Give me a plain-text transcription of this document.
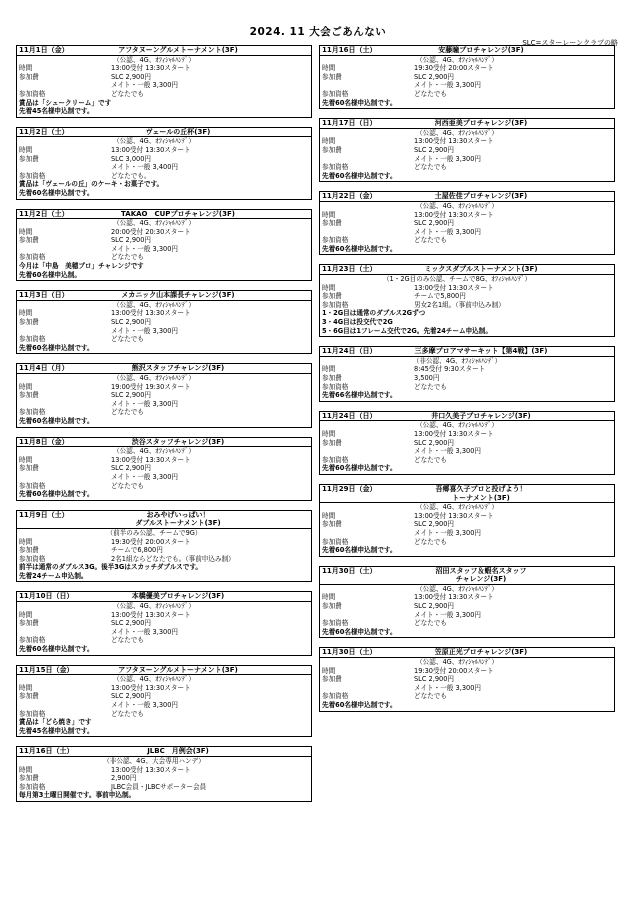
2024. 11 大会ごあんない
SLC=スターレーンクラブの略
11月1日（金）	アフタヌーングルメトーナメント(3F)
（公認、4G、ｵﾌｨｼｬﾙﾊﾝﾃﾞ）
時間	13:00受付 13:30スタート
参加費	SLC 2,900円
メイト・一般 3,300円
参加資格	どなたでも
賞品は「シュークリーム」です
先着45名様申込制です。
11月2日（土）	ヴェールの丘杯(3F)
（公認、4G、ｵﾌｨｼｬﾙﾊﾝﾃﾞ）
時間	13:00受付 13:30スタート
参加費	SLC 3,000円
メイト・一般 3,400円
参加資格	どなたでも。
賞品は「ヴェールの丘」のケーキ・お菓子です。
先着60名様申込制です。
11月2日（土）	TAKAO　CUPプロチャレンジ(3F)
（公認、4G、ｵﾌｨｼｬﾙﾊﾝﾃﾞ）
時間	20:00受付 20:30スタート
参加費	SLC 2,900円
メイト・一般 3,300円
参加資格	どなたでも
今月は「中島　美穂プロ」チャレンジです
先着60名様申込制。
11月3日（日）	メカニック山本課長チャレンジ(3F)
（公認、4G、ｵﾌｨｼｬﾙﾊﾝﾃﾞ）
時間	13:00受付 13:30スタート
参加費	SLC 2,900円
メイト・一般 3,300円
参加資格	どなたでも
先着60名様申込制です。
11月4日（月）	熊沢スタッフチャレンジ(3F)
（公認、4G、ｵﾌｨｼｬﾙﾊﾝﾃﾞ）
時間	19:00受付 19:30スタート
参加費	SLC 2,900円
メイト・一般 3,300円
参加資格	どなたでも
先着60名様申込制です。
11月8日（金）	渋谷スタッフチャレンジ(3F)
（公認、4G、ｵﾌｨｼｬﾙﾊﾝﾃﾞ）
時間	13:00受付 13:30スタート
参加費	SLC 2,900円
メイト・一般 3,300円
参加資格	どなたでも
先着60名様申込制です。
11月9日（土）	おみやげいっぱい！
ダブルストーナメント(3F)
（前半のみ公認、チームで9G）
時間	19:30受付 20:00スタート
参加費	チームで6,800円
参加資格	2名1組ならどなたでも。（事前申込み制）
前半は通常のダブルス3G。後半3Gはスカッチダブルスです。
先着24チーム申込制。
11月10日（日）	本橋優美プロチャレンジ(3F)
（公認、4G、ｵﾌｨｼｬﾙﾊﾝﾃﾞ）
時間	13:00受付 13:30スタート
参加費	SLC 2,900円
メイト・一般 3,300円
参加資格	どなたでも
先着60名様申込制です。
11月15日（金）	アフタヌーングルメトーナメント(3F)
（公認、4G、ｵﾌｨｼｬﾙﾊﾝﾃﾞ）
時間	13:00受付 13:30スタート
参加費	SLC 2,900円
メイト・一般 3,300円
参加資格	どなたでも
賞品は「どら焼き」です
先着45名様申込制です。
11月16日（土）	JLBC　月例会(3F)
（非公認、4G、大会専用ハンデ）
時間	13:00受付 13:30スタート
参加費	2,900円
参加資格	JLBC会員・JLBCサポーター会員
毎月第3土曜日開催です。事前申込制。
11月16日（土）	安藤瞳プロチャレンジ(3F)
（公認、4G、ｵﾌｨｼｬﾙﾊﾝﾃﾞ）
時間	19:30受付 20:00スタート
参加費	SLC 2,900円
メイト・一般 3,300円
参加資格	どなたでも
先着60名様申込制です。
11月17日（日）	河西亜美プロチャレンジ(3F)
（公認、4G、ｵﾌｨｼｬﾙﾊﾝﾃﾞ）
時間	13:00受付 13:30スタート
参加費	SLC 2,900円
メイト・一般 3,300円
参加資格	どなたでも
先着60名様申込制です。
11月22日（金）	土屋佐佳プロチャレンジ(3F)
（公認、4G、ｵﾌｨｼｬﾙﾊﾝﾃﾞ）
時間	13:00受付 13:30スタート
参加費	SLC 2,900円
メイト・一般 3,300円
参加資格	どなたでも
先着60名様申込制です。
11月23日（土）	ミックスダブルストーナメント(3F)
（1・2G目のみ公認、チームで8G、ｵﾌｨｼｬﾙﾊﾝﾃﾞ）
時間	13:00受付 13:30スタート
参加費	チームで5,800円
参加資格	男女2名1組。（事前申込み制）
1・2G目は通常のダブルス2Gずつ
3・4G目は投交代で2G
5・6G目は1フレーム交代で2G。先着24チーム申込制。
11月24日（日）	三多摩プロアマサーキット【第4戦】(3F)
（非公認、4G、ｵﾌｨｼｬﾙﾊﾝﾃﾞ）
時間	8:45受付 9:30スタート
参加費	3,500円
参加資格	どなたでも
先着66名様申込制です。
11月24日（日）	井口久美子プロチャレンジ(3F)
（公認、4G、ｵﾌｨｼｬﾙﾊﾝﾃﾞ）
時間	13:00受付 13:30スタート
参加費	SLC 2,900円
メイト・一般 3,300円
参加資格	どなたでも
先着60名様申込制です。
11月29日（金）	吾郷喜久子プロと投げよう！
トーナメント(3F)
（公認、4G、ｵﾌｨｼｬﾙﾊﾝﾃﾞ）
時間	13:00受付 13:30スタート
参加費	SLC 2,900円
メイト・一般 3,300円
参加資格	どなたでも
先着60名様申込制です。
11月30日（土）	沼田スタッフ＆蝦名スタッフ
チャレンジ(3F)
（公認、4G、ｵﾌｨｼｬﾙﾊﾝﾃﾞ）
時間	13:00受付 13:30スタート
参加費	SLC 2,900円
メイト・一般 3,300円
参加資格	どなたでも
先着60名様申込制です。
11月30日（土）	笠原正光プロチャレンジ(3F)
（公認、4G、ｵﾌｨｼｬﾙﾊﾝﾃﾞ）
時間	19:30受付 20:00スタート
参加費	SLC 2,900円
メイト・一般 3,300円
参加資格	どなたでも
先着60名様申込制です。
